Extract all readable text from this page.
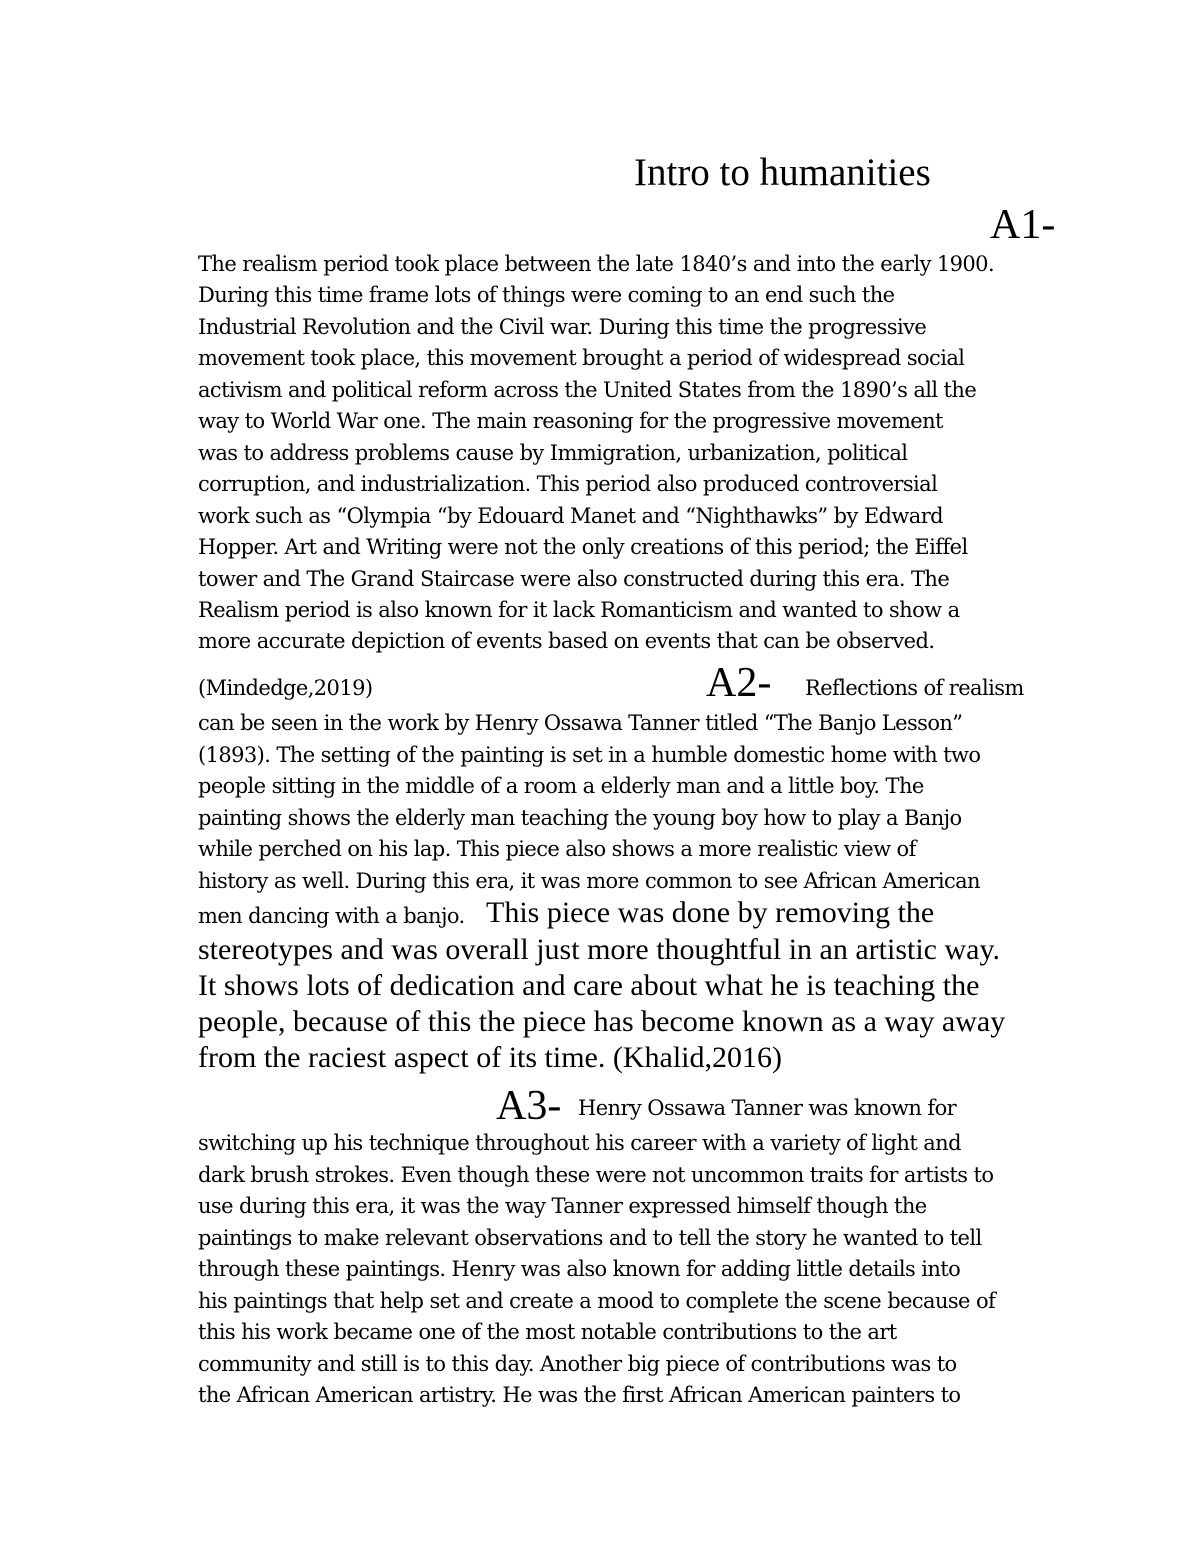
Intro to humanities
A1-
The realism period took place between the late 1840’s and into the early 1900.
During this time frame lots of things were coming to an end such the
Industrial Revolution and the Civil war. During this time the progressive
movement took place, this movement brought a period of widespread social
activism and political reform across the United States from the 1890’s all the
way to World War one. The main reasoning for the progressive movement
was to address problems cause by Immigration, urbanization, political
corruption, and industrialization. This period also produced controversial
work such as “Olympia “by Edouard Manet and “Nighthawks” by Edward
Hopper. Art and Writing were not the only creations of this period; the Eiffel
tower and The Grand Staircase were also constructed during this era. The
Realism period is also known for it lack Romanticism and wanted to show a
more accurate depiction of events based on events that can be observed.
(Mindedge,2019)	A2- Reflections of realism
can be seen in the work by Henry Ossawa Tanner titled “The Banjo Lesson”
(1893). The setting of the painting is set in a humble domestic home with two
people sitting in the middle of a room a elderly man and a little boy. The
painting shows the elderly man teaching the young boy how to play a Banjo
while perched on his lap. This piece also shows a more realistic view of
history as well. During this era, it was more common to see African American
men dancing with a banjo. This piece was done by removing the
stereotypes and was overall just more thoughtful in an artistic way.
It shows lots of dedication and care about what he is teaching the
people, because of this the piece has become known as a way away
from the raciest aspect of its time. (Khalid,2016)
A3- Henry Ossawa Tanner was known for
switching up his technique throughout his career with a variety of light and
dark brush strokes. Even though these were not uncommon traits for artists to
use during this era, it was the way Tanner expressed himself though the
paintings to make relevant observations and to tell the story he wanted to tell
through these paintings. Henry was also known for adding little details into
his paintings that help set and create a mood to complete the scene because of
this his work became one of the most notable contributions to the art
community and still is to this day. Another big piece of contributions was to
the African American artistry. He was the first African American painters to
